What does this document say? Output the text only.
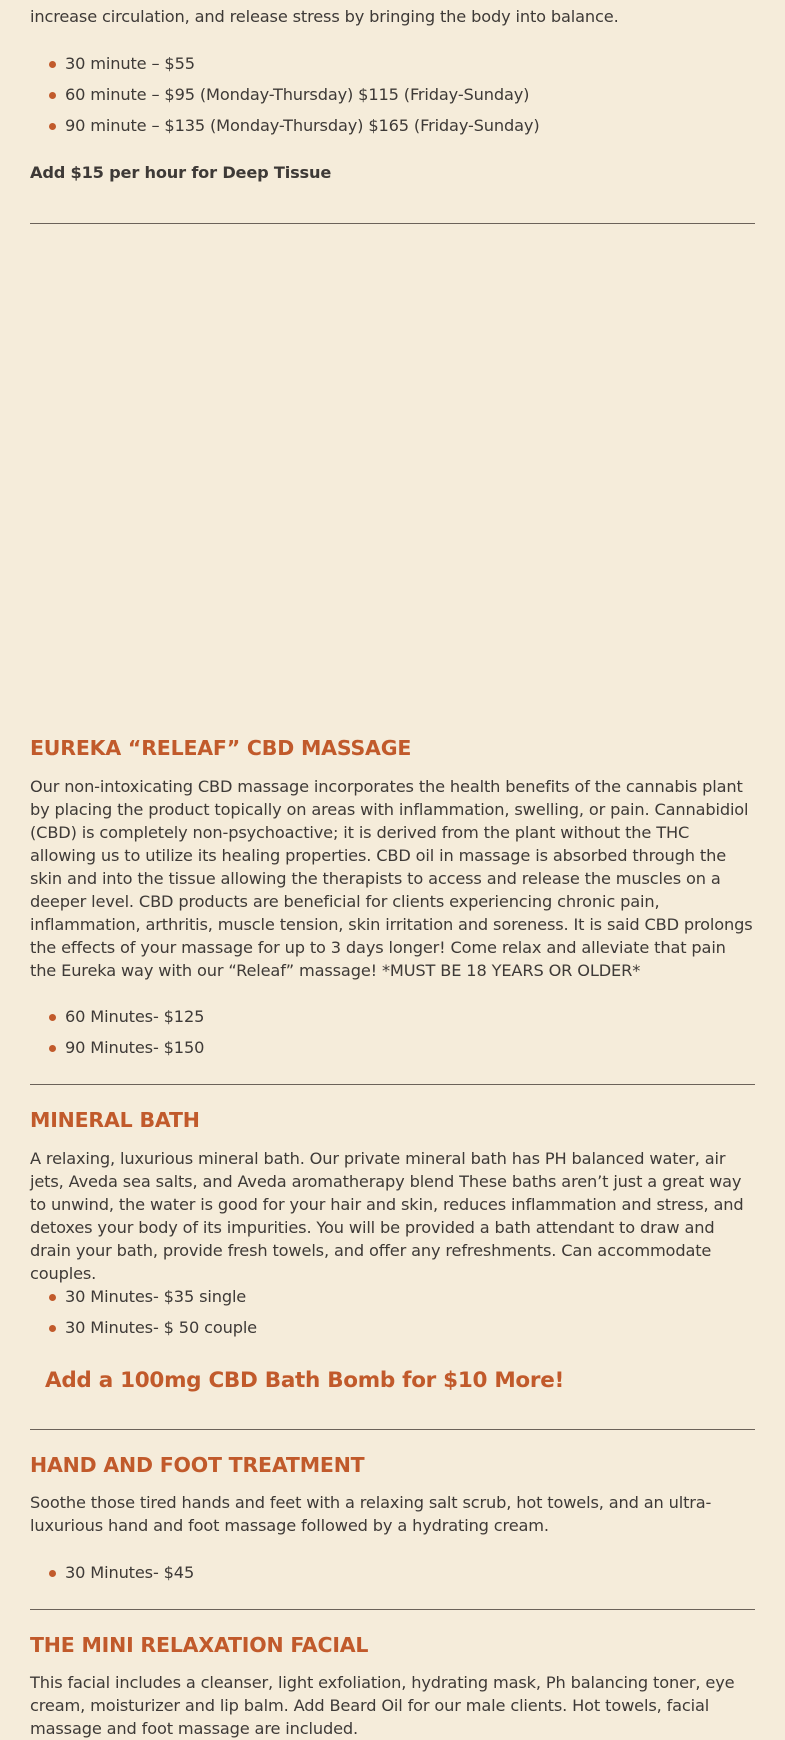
increase circulation, and release stress by bringing the body into balance.

30 minute – $55
60 minute – $95 (Monday-Thursday) $115 (Friday-Sunday)
90 minute – $135 (Monday-Thursday) $165 (Friday-Sunday)
Add $15 per hour for Deep Tissue
EUREKA “RELEAF” CBD MASSAGE

Our non-intoxicating CBD massage incorporates the health benefits of the cannabis plant by placing the product topically on areas with inflammation, swelling, or pain. Cannabidiol (CBD) is completely non-psychoactive; it is derived from the plant without the THC allowing us to utilize its healing properties. CBD oil in massage is absorbed through the skin and into the tissue allowing the therapists to access and release the muscles on a deeper level. CBD products are beneficial for clients experiencing chronic pain, inflammation, arthritis, muscle tension, skin irritation and soreness. It is said CBD prolongs the effects of your massage for up to 3 days longer! Come relax and alleviate that pain the Eureka way with our “Releaf” massage! *MUST BE 18 YEARS OR OLDER*

60 Minutes- $125
90 Minutes- $150
MINERAL BATH

A relaxing, luxurious mineral bath. Our private mineral bath has PH balanced water, air jets, Aveda sea salts, and Aveda aromatherapy blend These baths aren’t just a great way to unwind, the water is good for your hair and skin, reduces inflammation and stress, and detoxes your body of its impurities. You will be provided a bath attendant to draw and drain your bath, provide fresh towels, and offer any refreshments. Can accommodate couples.

30 Minutes- $35 single
30 Minutes- $ 50 couple
Add a 100mg CBD Bath Bomb for $10 More!
HAND AND FOOT TREATMENT

Soothe those tired hands and feet with a relaxing salt scrub, hot towels, and an ultra-luxurious hand and foot massage followed by a hydrating cream.

30 Minutes- $45
THE MINI RELAXATION FACIAL

This facial includes a cleanser, light exfoliation, hydrating mask, Ph balancing toner, eye cream, moisturizer and lip balm. Add Beard Oil for our male clients. Hot towels, facial massage and foot massage are included.
